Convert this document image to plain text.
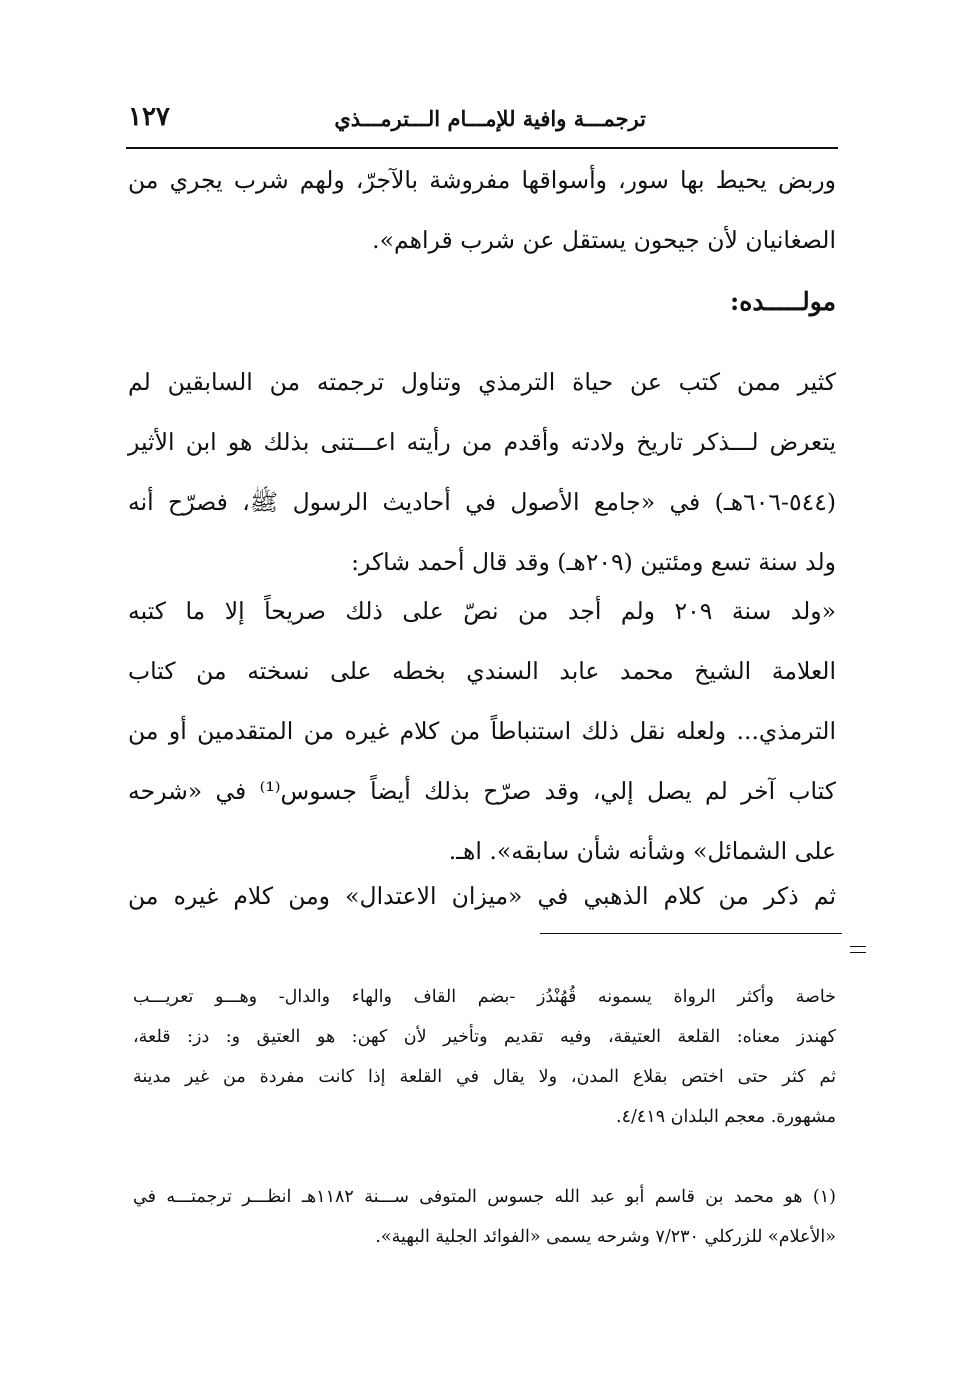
ترجمـــة وافية للإمـــام الـــترمـــذي
١٢٧
وربض يحيط بها سور، وأسواقها مفروشة بالآجرّ، ولهم شرب يجري من
الصغانيان لأن جيحون يستقل عن شرب قراهم».
مولـــــده:
كثير ممن كتب عن حياة الترمذي وتناول ترجمته من السابقين لم
يتعرض لـــذكر تاريخ ولادته وأقدم من رأيته اعـــتنى بذلك هو ابن الأثير
(٥٤٤-٦٠٦هـ) في «جامع الأصول في أحاديث الرسول ﷺ، فصرّح أنه
ولد سنة تسع ومئتين (٢٠٩هـ) وقد قال أحمد شاكر:
«ولد سنة ٢٠٩ ولم أجد من نصّ على ذلك صريحاً إلا ما كتبه
العلامة الشيخ محمد عابد السندي بخطه على نسخته من كتاب
الترمذي... ولعله نقل ذلك استنباطاً من كلام غيره من المتقدمين أو من
كتاب آخر لم يصل إلي، وقد صرّح بذلك أيضاً جسوس⁽¹⁾ في «شرحه
على الشمائل» وشأنه شأن سابقه». اهـ.
ثم ذكر من كلام الذهبي في «ميزان الاعتدال» ومن كلام غيره من
خاصة وأكثر الرواة يسمونه قُهُنْدُز -بضم القاف والهاء والدال- وهـــو تعريـــب
كهندز معناه: القلعة العتيقة، وفيه تقديم وتأخير لأن كهن: هو العتيق و: دز: قلعة،
ثم كثر حتى اختص بقلاع المدن، ولا يقال في القلعة إذا كانت مفردة من غير مدينة
مشهورة. معجم البلدان ٤/٤١٩.
(١) هو محمد بن قاسم أبو عبد الله جسوس المتوفى ســـنة ١١٨٢هـ انظـــر ترجمتـــه في
«الأعلام» للزركلي ٧/٢٣٠ وشرحه يسمى «الفوائد الجلية البهية».
